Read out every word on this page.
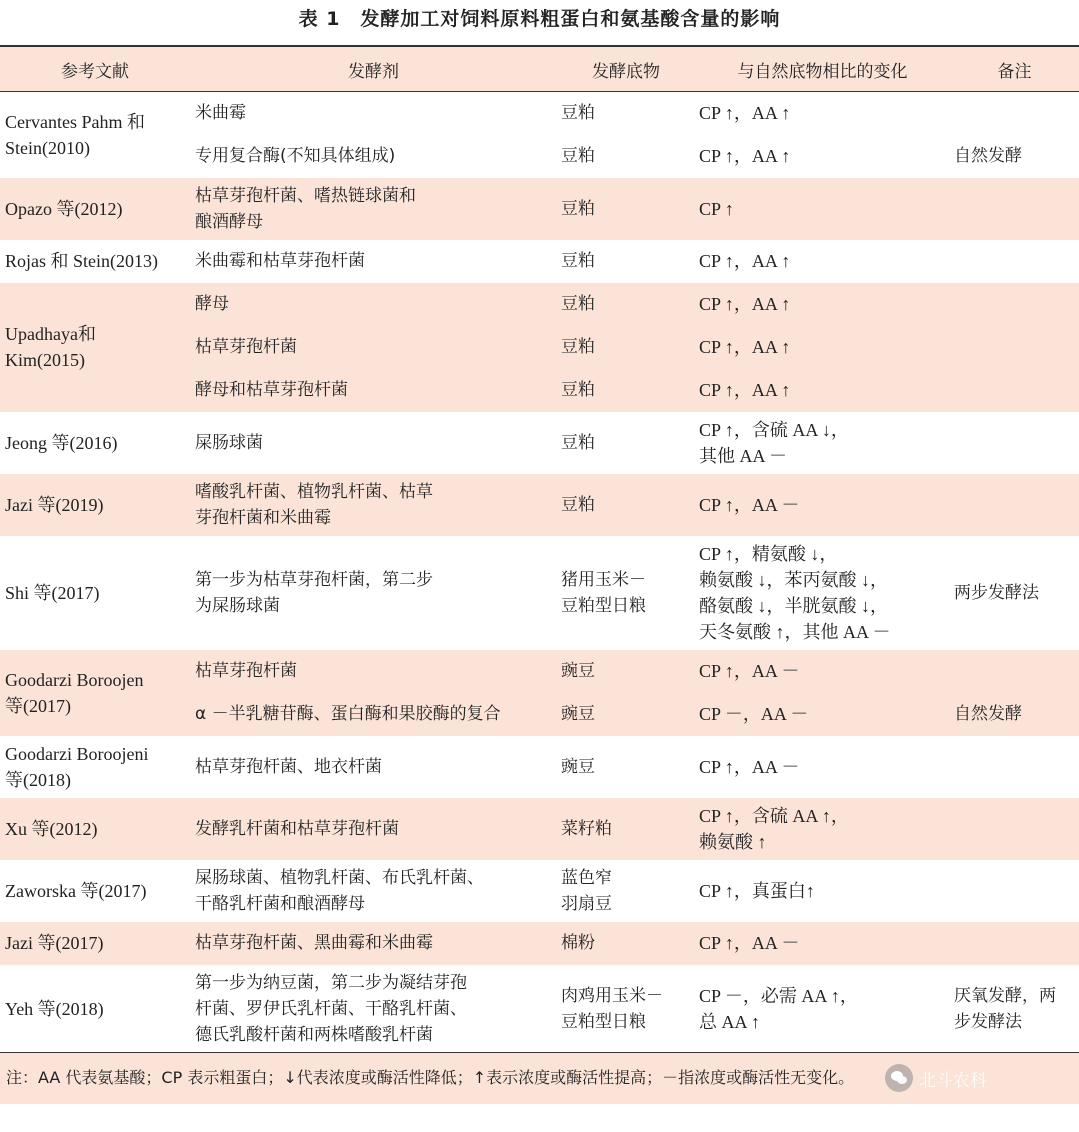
表 1　发酵加工对饲料原料粗蛋白和氨基酸含量的影响
参考文献	发酵剂	发酵底物	与自然底物相比的变化	备注

Cervantes Pahm 和
Stein(2010)	米曲霉	豆粕	CP ↑，AA ↑	

	专用复合酶(不知具体组成)	豆粕	CP ↑，AA ↑	自然发酵

Opazo 等(2012)	枯草芽孢杆菌、嗜热链球菌和
酿酒酵母	豆粕	CP ↑	

Rojas 和 Stein(2013)	米曲霉和枯草芽孢杆菌	豆粕	CP ↑，AA ↑	

Upadhaya和
Kim(2015)	酵母	豆粕	CP ↑，AA ↑	

	枯草芽孢杆菌	豆粕	CP ↑，AA ↑	

	酵母和枯草芽孢杆菌	豆粕	CP ↑，AA ↑	

Jeong 等(2016)	屎肠球菌	豆粕	CP ↑，含硫 AA ↓，
其他 AA －	

Jazi 等(2019)	嗜酸乳杆菌、植物乳杆菌、枯草
芽孢杆菌和米曲霉	豆粕	CP ↑，AA －	

Shi 等(2017)	第一步为枯草芽孢杆菌，第二步
为屎肠球菌	猪用玉米－
豆粕型日粮	CP ↑，精氨酸 ↓，
赖氨酸 ↓，苯丙氨酸 ↓，
酪氨酸 ↓，半胱氨酸 ↓，
天冬氨酸 ↑，其他 AA －	两步发酵法

Goodarzi Boroojen
等(2017)	枯草芽孢杆菌	豌豆	CP ↑，AA －	

	α －半乳糖苷酶、蛋白酶和果胶酶的复合	豌豆	CP －，AA －	自然发酵

Goodarzi Boroojeni
等(2018)	枯草芽孢杆菌、地衣杆菌	豌豆	CP ↑，AA －	

Xu 等(2012)	发酵乳杆菌和枯草芽孢杆菌	菜籽粕	CP ↑，含硫 AA ↑，
赖氨酸 ↑	

Zaworska 等(2017)	屎肠球菌、植物乳杆菌、布氏乳杆菌、
干酪乳杆菌和酿酒酵母	蓝色窄
羽扇豆	CP ↑，真蛋白↑	

Jazi 等(2017)	枯草芽孢杆菌、黑曲霉和米曲霉	棉粉	CP ↑，AA －	

Yeh 等(2018)	第一步为纳豆菌，第二步为凝结芽孢
杆菌、罗伊氏乳杆菌、干酪乳杆菌、
德氏乳酸杆菌和两株嗜酸乳杆菌	肉鸡用玉米－
豆粕型日粮	CP －，必需 AA ↑，
总 AA ↑	厌氧发酵，两
步发酵法
注：AA 代表氨基酸；CP 表示粗蛋白；↓代表浓度或酶活性降低；↑表示浓度或酶活性提高；－指浓度或酶活性无变化。	北斗农科
